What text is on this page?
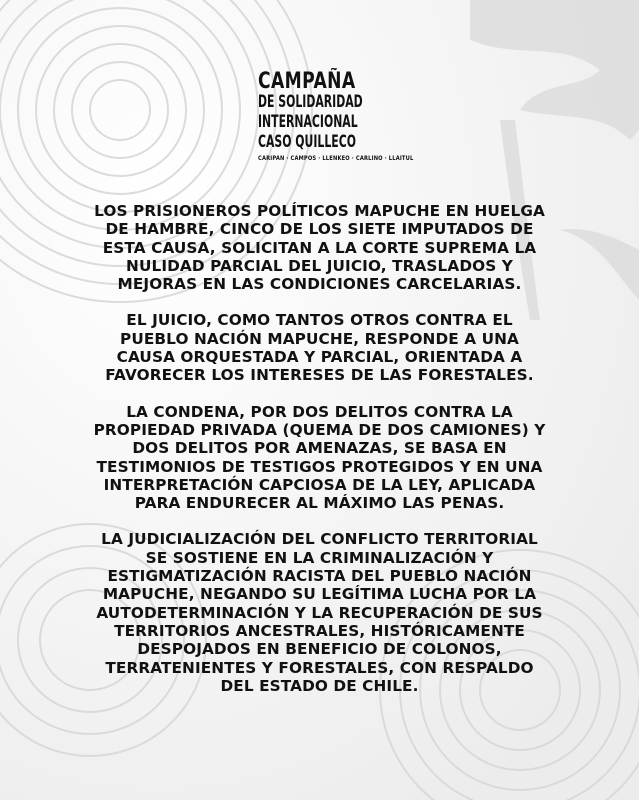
CAMPAÑA
DE SOLIDARIDAD
INTERNACIONAL
CASO QUILLECO
CARIPAN · CAMPOS · LLENKEO · CARLINO · LLAITUL

LOS PRISIONEROS POLÍTICOS MAPUCHE EN HUELGA
DE HAMBRE, CINCO DE LOS SIETE IMPUTADOS DE
ESTA CAUSA, SOLICITAN A LA CORTE SUPREMA LA
NULIDAD PARCIAL DEL JUICIO, TRASLADOS Y
MEJORAS EN LAS CONDICIONES CARCELARIAS.

EL JUICIO, COMO TANTOS OTROS CONTRA EL
PUEBLO NACIÓN MAPUCHE, RESPONDE A UNA
CAUSA ORQUESTADA Y PARCIAL, ORIENTADA A
FAVORECER LOS INTERESES DE LAS FORESTALES.

LA CONDENA, POR DOS DELITOS CONTRA LA
PROPIEDAD PRIVADA (QUEMA DE DOS CAMIONES) Y
DOS DELITOS POR AMENAZAS, SE BASA EN
TESTIMONIOS DE TESTIGOS PROTEGIDOS Y EN UNA
INTERPRETACIÓN CAPCIOSA DE LA LEY, APLICADA
PARA ENDURECER AL MÁXIMO LAS PENAS.

LA JUDICIALIZACIÓN DEL CONFLICTO TERRITORIAL
SE SOSTIENE EN LA CRIMINALIZACIÓN Y
ESTIGMATIZACIÓN RACISTA DEL PUEBLO NACIÓN
MAPUCHE, NEGANDO SU LEGÍTIMA LUCHA POR LA
AUTODETERMINACIÓN Y LA RECUPERACIÓN DE SUS
TERRITORIOS ANCESTRALES, HISTÓRICAMENTE
DESPOJADOS EN BENEFICIO DE COLONOS,
TERRATENIENTES Y FORESTALES, CON RESPALDO
DEL ESTADO DE CHILE.
